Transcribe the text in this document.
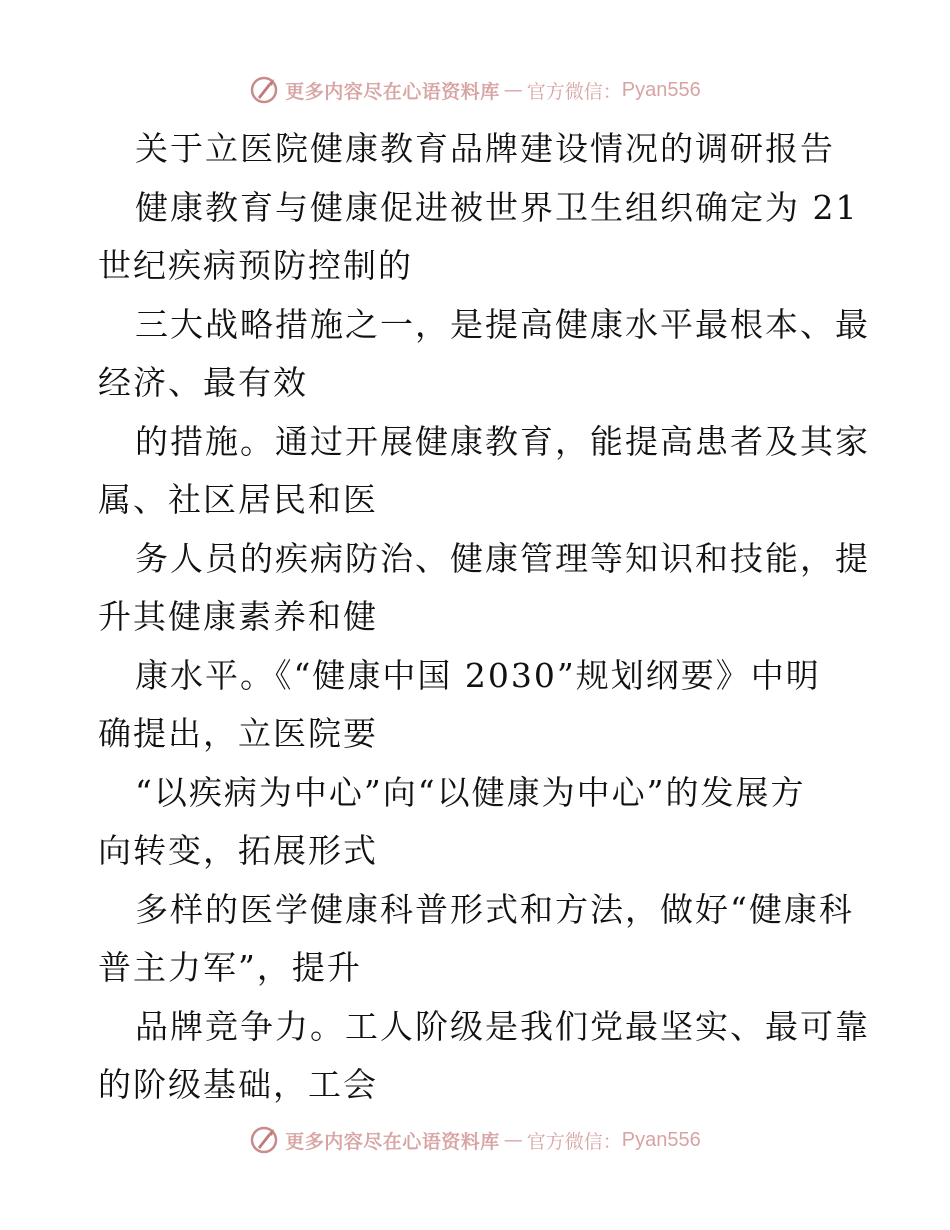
更多内容尽在心语资料库 — 官方微信： Pyan556
关于立医院健康教育品牌建设情况的调研报告
健康教育与健康促进被世界卫生组织确定为 21
世纪疾病预防控制的
三大战略措施之一，是提高健康水平最根本、最
经济、最有效
的措施。通过开展健康教育，能提高患者及其家
属、社区居民和医
务人员的疾病防治、健康管理等知识和技能，提
升其健康素养和健
康水平。《“健康中国 2030”规划纲要》中明
确提出，立医院要
“以疾病为中心”向“以健康为中心”的发展方
向转变，拓展形式
多样的医学健康科普形式和方法，做好“健康科
普主力军”，提升
品牌竞争力。工人阶级是我们党最坚实、最可靠
的阶级基础，工会
更多内容尽在心语资料库 — 官方微信： Pyan556
